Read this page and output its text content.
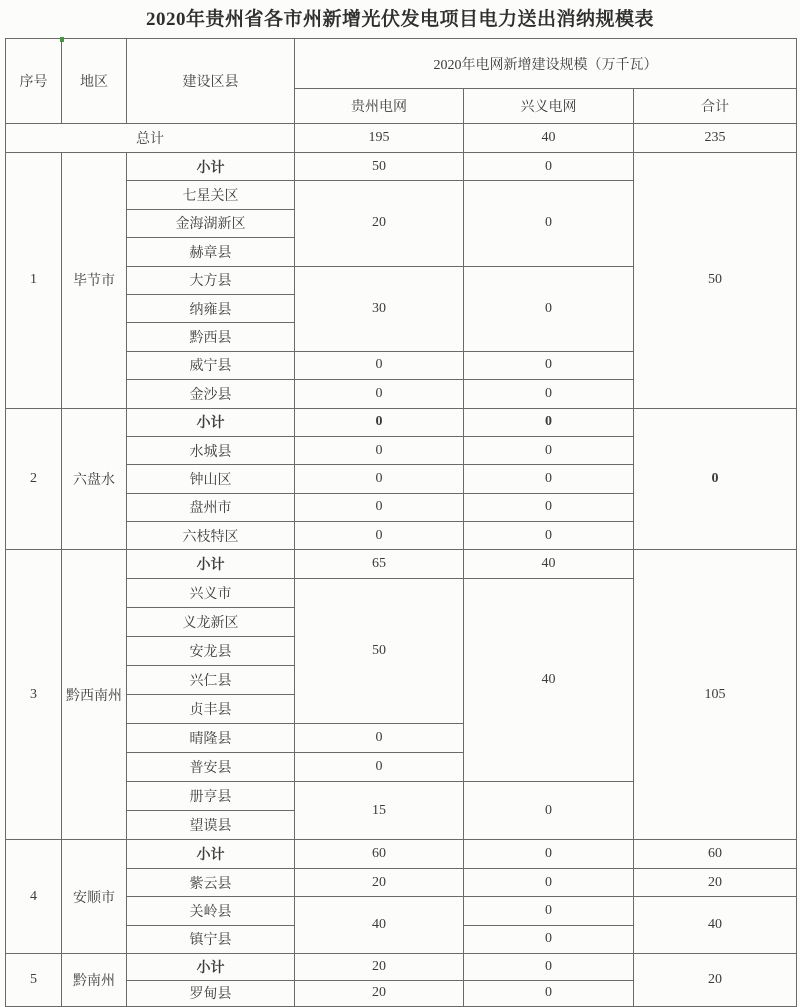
2020年贵州省各市州新增光伏发电项目电力送出消纳规模表
序号	地区	建设区县	2020年电网新增建设规模（万千瓦）		
			贵州电网	兴义电网	合计
总计			195	40	235
1	毕节市	小计	50	0	50
		七星关区	20	0	
		金海湖新区			
		赫章县			
		大方县	30	0	
		纳雍县			
		黔西县			
		威宁县	0	0	
		金沙县	0	0	
2	六盘水	小计	0	0	0
		水城县	0	0	
		钟山区	0	0	
		盘州市	0	0	
		六枝特区	0	0	
3	黔西南州	小计	65	40	105
		兴义市	50	40	
		义龙新区			
		安龙县			
		兴仁县			
		贞丰县			
		晴隆县	0		
		普安县	0		
		册亨县	15	0	
		望谟县			
4	安顺市	小计	60	0	60
		紫云县	20	0	20
		关岭县	40	0	40
		镇宁县		0	
5	黔南州	小计	20	0	20
		罗甸县	20	0	
